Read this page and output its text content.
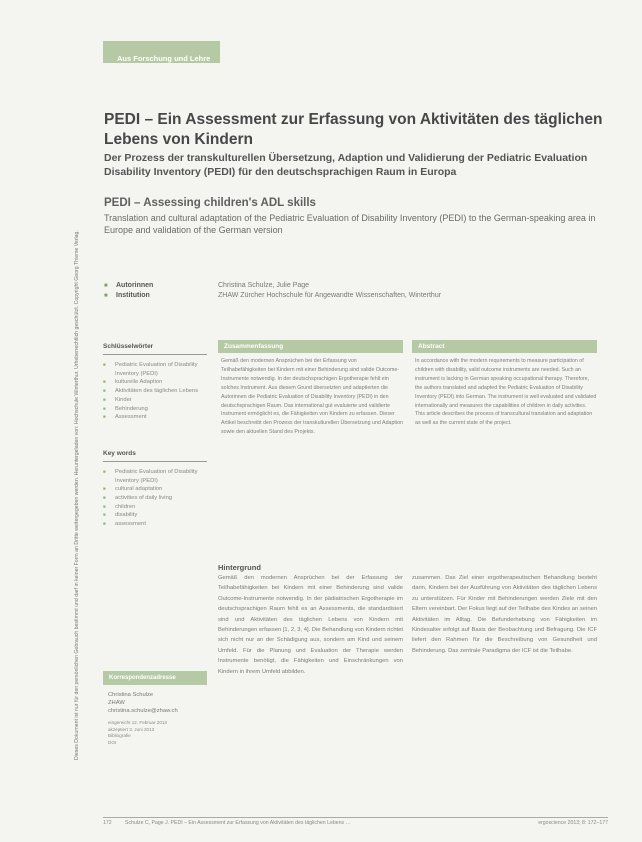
Dieses Dokument ist nur für den persönlichen Gebrauch bestimmt und darf in keiner Form an Dritte weitergegeben werden. Heruntergeladen von: Hochschule Winterthur. Urheberrechtlich geschützt. Copyright Georg Thieme Verlag.
Aus Forschung und Lehre
PEDI – Ein Assessment zur Erfassung von Aktivitäten des täglichen Lebens von Kindern
Der Prozess der transkulturellen Übersetzung, Adaption und Validierung der Pediatric Evaluation Disability Inventory (PEDI) für den deutschsprachigen Raum in Europa
PEDI – Assessing children's ADL skills

Translation and cultural adaptation of the Pediatric Evaluation of Disability Inventory (PEDI) to the German-speaking area in Europe and validation of the German version

■	Autorinnen	Christina Schulze, Julie Page
■	Institution	ZHAW Zürcher Hochschule für Angewandte Wissenschaften, Winterthur
Schlüsselwörter
■ Pediatric Evaluation of Disability Inventory (PEDI)
■ kulturelle Adaption
■ Aktivitäten des täglichen Lebens
■ Kinder
■ Behinderung
■ Assessment
Key words
■ Pediatric Evaluation of Disability Inventory (PEDI)
■ cultural adaptation
■ activities of daily living
■ children
■ disability
■ assessment
Korrespondenzadresse
Christina Schulze
ZHAW
christina.schulze@zhaw.ch
eingereicht 12. Februar 2013
akzeptiert 3. Juni 2013
Bibliografie
DOI
Zusammenfassung

Gemäß den modernen Ansprüchen bei der Erfassung von Teilhabefähigkeiten bei Kindern mit einer Behinderung sind valide Outcome-Instrumente notwendig. In der deutschsprachigen Ergotherapie fehlt ein solches Instrument. Aus diesem Grund übersetzten und adaptierten die Autorinnen die Pediatric Evaluation of Disability Inventory (PEDI) in den deutschsprachigen Raum. Das international gut evaluierte und validierte Instrument ermöglicht es, die Fähigkeiten von Kindern zu erfassen. Dieser Artikel beschreibt den Prozess der transkulturellen Übersetzung und Adaption sowie den aktuellen Stand des Projekts.

Abstract

In accordance with the modern requirements to measure participation of children with disability, valid outcome instruments are needed. Such an instrument is lacking in German speaking occupational therapy. Therefore, the authors translated and adapted the Pediatric Evaluation of Disability Inventory (PEDI) into German. The instrument is well evaluated and validated internationally and measures the capabilities of children in daily activities. This article describes the process of transcultural translation and adaptation as well as the current state of the project.

Hintergrund
Gemäß den modernen Ansprüchen bei der Erfassung der Teilhabefähigkeiten bei Kindern mit einer Behinderung sind valide Outcome-Instrumente notwendig. In der pädiatrischen Ergotherapie im deutschsprachigen Raum fehlt es an Assessments, die standardisiert sind und Aktivitäten des täglichen Lebens von Kindern mit Behinderungen erfassen [1, 2, 3, 4]. Die Behandlung von Kindern richtet sich nicht nur an der Schädigung aus, sondern am Kind und seinem Umfeld. Für die Planung und Evaluation der Therapie werden Instrumente benötigt, die Fähigkeiten und Einschränkungen von Kindern in ihrem Umfeld abbilden.
zusammen. Das Ziel einer ergotherapeutischen Behandlung besteht darin, Kindern bei der Ausführung von Aktivitäten des täglichen Lebens zu unterstützen. Für Kinder mit Behinderungen werden Ziele mit den Eltern vereinbart. Der Fokus liegt auf der Teilhabe des Kindes an seinen Aktivitäten im Alltag. Die Befunderhebung von Fähigkeiten im Kindesalter erfolgt auf Basis der Beobachtung und Befragung. Die ICF liefert den Rahmen für die Beschreibung von Gesundheit und Behinderung. Das zentrale Paradigma der ICF ist die Teilhabe.
172	Schulze C, Page J. PEDI – Ein Assessment zur Erfassung von Aktivitäten des täglichen Lebens …	ergoscience 2013; 8: 172–177
